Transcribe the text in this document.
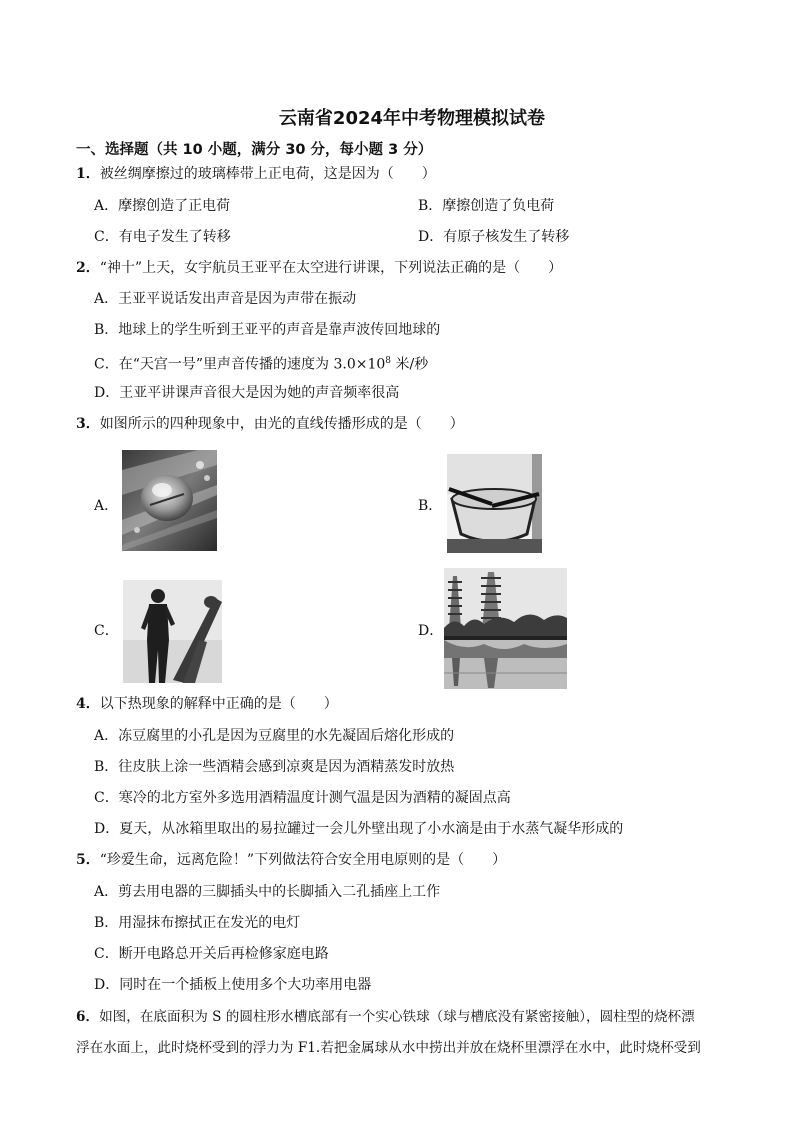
云南省2024年中考物理模拟试卷
一、选择题（共 10 小题，满分 30 分，每小题 3 分）
1．被丝绸摩擦过的玻璃棒带上正电荷，这是因为（　　）
A．摩擦创造了正电荷	B．摩擦创造了负电荷
C．有电子发生了转移	D．有原子核发生了转移
2．“神十”上天，女宇航员王亚平在太空进行讲课，下列说法正确的是（　　）
A．王亚平说话发出声音是因为声带在振动
B．地球上的学生听到王亚平的声音是靠声波传回地球的
C．在“天宫一号”里声音传播的速度为 $3.0\times 10^8$ 米/秒
D．王亚平讲课声音很大是因为她的声音频率很高
3．如图所示的四种现象中，由光的直线传播形成的是（　　）
A．	B．
C．	D．
4．以下热现象的解释中正确的是（　　）
A．冻豆腐里的小孔是因为豆腐里的水先凝固后熔化形成的
B．往皮肤上涂一些酒精会感到凉爽是因为酒精蒸发时放热
C．寒冷的北方室外多选用酒精温度计测气温是因为酒精的凝固点高
D．夏天，从冰箱里取出的易拉罐过一会儿外壁出现了小水滴是由于水蒸气凝华形成的
5．“珍爱生命，远离危险！”下列做法符合安全用电原则的是（　　）
A．剪去用电器的三脚插头中的长脚插入二孔插座上工作
B．用湿抹布擦拭正在发光的电灯
C．断开电路总开关后再检修家庭电路
D．同时在一个插板上使用多个大功率用电器
6．如图，在底面积为 S 的圆柱形水槽底部有一个实心铁球（球与槽底没有紧密接触），圆柱型的烧杯漂
浮在水面上，此时烧杯受到的浮力为 F1.若把金属球从水中捞出并放在烧杯里漂浮在水中，此时烧杯受到
